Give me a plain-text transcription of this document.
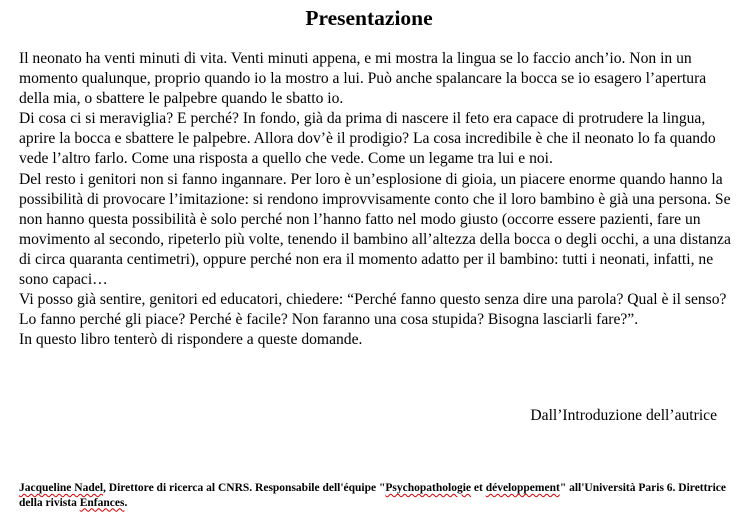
Presentazione

Il neonato ha venti minuti di vita. Venti minuti appena, e mi mostra la lingua se lo faccio anch’io. Non in un momento qualunque, proprio quando io la mostro a lui. Può anche spalancare la bocca se io esagero l’apertura della mia, o sbattere le palpebre quando le sbatto io.

Di cosa ci si meraviglia? E perché? In fondo, già da prima di nascere il feto era capace di protrudere la lingua, aprire la bocca e sbattere le palpebre. Allora dov’è il prodigio? La cosa incredibile è che il neonato lo fa quando vede l’altro farlo. Come una risposta a quello che vede. Come un legame tra lui e noi.

Del resto i genitori non si fanno ingannare. Per loro è un’esplosione di gioia, un piacere enorme quando hanno la possibilità di provocare l’imitazione: si rendono improvvisamente conto che il loro bambino è già una persona. Se non hanno questa possibilità è solo perché non l’hanno fatto nel modo giusto (occorre essere pazienti, fare un movimento al secondo, ripeterlo più volte, tenendo il bambino all’altezza della bocca o degli occhi, a una distanza di circa quaranta centimetri), oppure perché non era il momento adatto per il bambino: tutti i neonati, infatti, ne sono capaci…

Vi posso già sentire, genitori ed educatori, chiedere: “Perché fanno questo senza dire una parola? Qual è il senso? Lo fanno perché gli piace? Perché è facile? Non faranno una cosa stupida? Bisogna lasciarli fare?”.

In questo libro tenterò di rispondere a queste domande.

Dall’Introduzione dell’autrice

Jacqueline Nadel, Direttore di ricerca al CNRS. Responsabile dell'équipe "Psychopathologie et développement" all'Università Paris 6. Direttrice della rivista Enfances.
